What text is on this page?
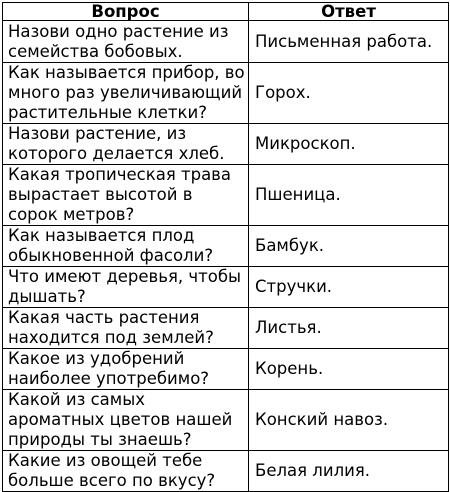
Вопрос	Ответ
Назови одно растение из семейства бобовых.	Письменная работа.
Как называется прибор, во много раз увеличивающий растительные клетки?	Горох.
Назови растение, из которого делается хлеб.	Микроскоп.
Какая тропическая трава вырастает высотой в сорок метров?	Пшеница.
Как называется плод обыкновенной фасоли?	Бамбук.
Что имеют деревья, чтобы дышать?	Стручки.
Какая часть растения находится под землей?	Листья.
Какое из удобрений наиболее употребимо?	Корень.
Какой из самых ароматных цветов нашей природы ты знаешь?	Конский навоз.
Какие из овощей тебе больше всего по вкусу?	Белая лилия.
